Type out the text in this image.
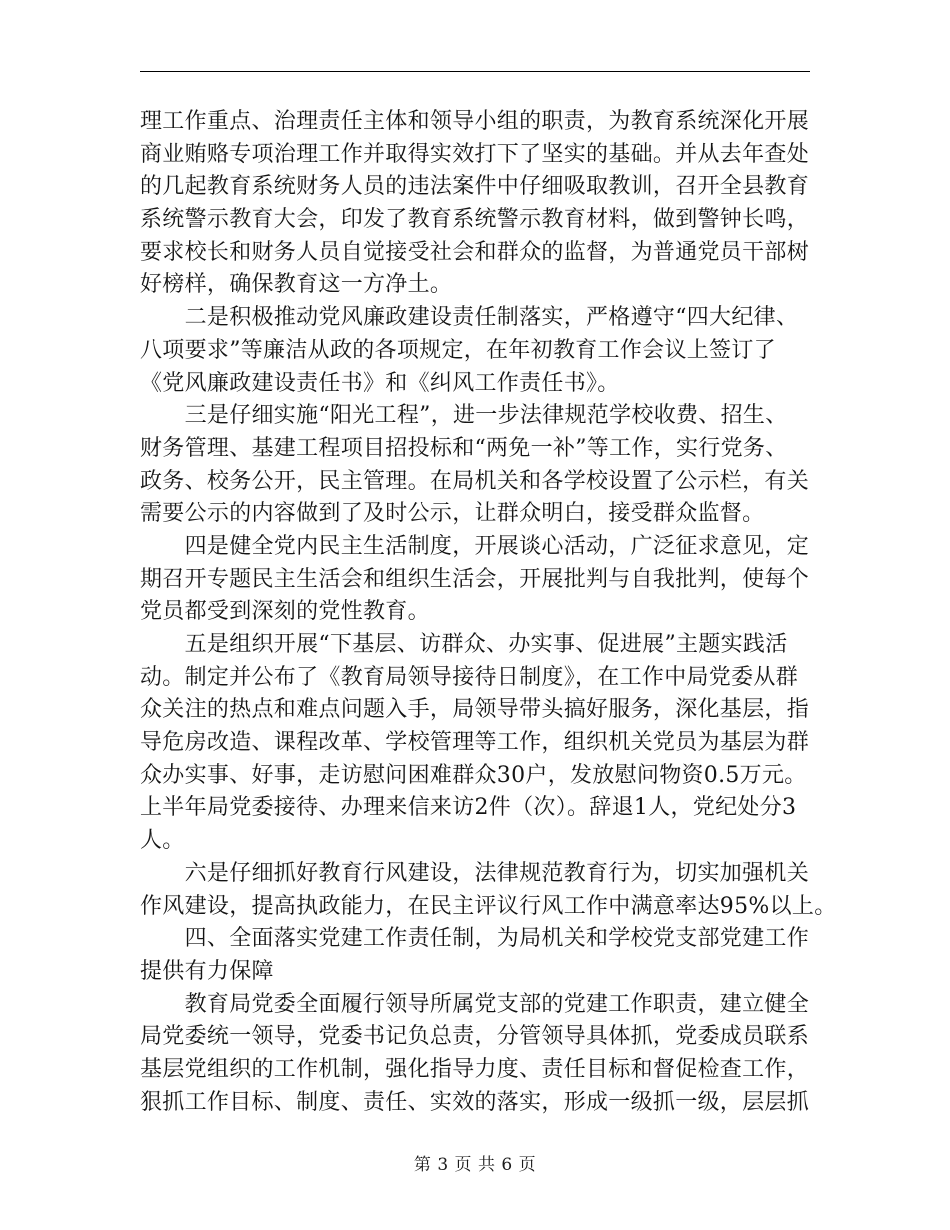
理工作重点、治理责任主体和领导小组的职责，为教育系统深化开展
商业贿赂专项治理工作并取得实效打下了坚实的基础。并从去年查处
的几起教育系统财务人员的违法案件中仔细吸取教训，召开全县教育
系统警示教育大会，印发了教育系统警示教育材料，做到警钟长鸣，
要求校长和财务人员自觉接受社会和群众的监督，为普通党员干部树
好榜样，确保教育这一方净土。
二是积极推动党风廉政建设责任制落实，严格遵守“四大纪律、
八项要求”等廉洁从政的各项规定，在年初教育工作会议上签订了
《党风廉政建设责任书》和《纠风工作责任书》。
三是仔细实施“阳光工程”，进一步法律规范学校收费、招生、
财务管理、基建工程项目招投标和“两免一补”等工作，实行党务、
政务、校务公开，民主管理。在局机关和各学校设置了公示栏，有关
需要公示的内容做到了及时公示，让群众明白，接受群众监督。
四是健全党内民主生活制度，开展谈心活动，广泛征求意见，定
期召开专题民主生活会和组织生活会，开展批判与自我批判，使每个
党员都受到深刻的党性教育。
五是组织开展“下基层、访群众、办实事、促进展”主题实践活
动。制定并公布了《教育局领导接待日制度》，在工作中局党委从群
众关注的热点和难点问题入手，局领导带头搞好服务，深化基层，指
导危房改造、课程改革、学校管理等工作，组织机关党员为基层为群
众办实事、好事，走访慰问困难群众30户，发放慰问物资0.5万元。
上半年局党委接待、办理来信来访2件（次）。辞退1人，党纪处分3
人。
六是仔细抓好教育行风建设，法律规范教育行为，切实加强机关
作风建设，提高执政能力，在民主评议行风工作中满意率达95%以上。
四、全面落实党建工作责任制，为局机关和学校党支部党建工作
提供有力保障
教育局党委全面履行领导所属党支部的党建工作职责，建立健全
局党委统一领导，党委书记负总责，分管领导具体抓，党委成员联系
基层党组织的工作机制，强化指导力度、责任目标和督促检查工作，
狠抓工作目标、制度、责任、实效的落实，形成一级抓一级，层层抓
第 3 页 共 6 页
